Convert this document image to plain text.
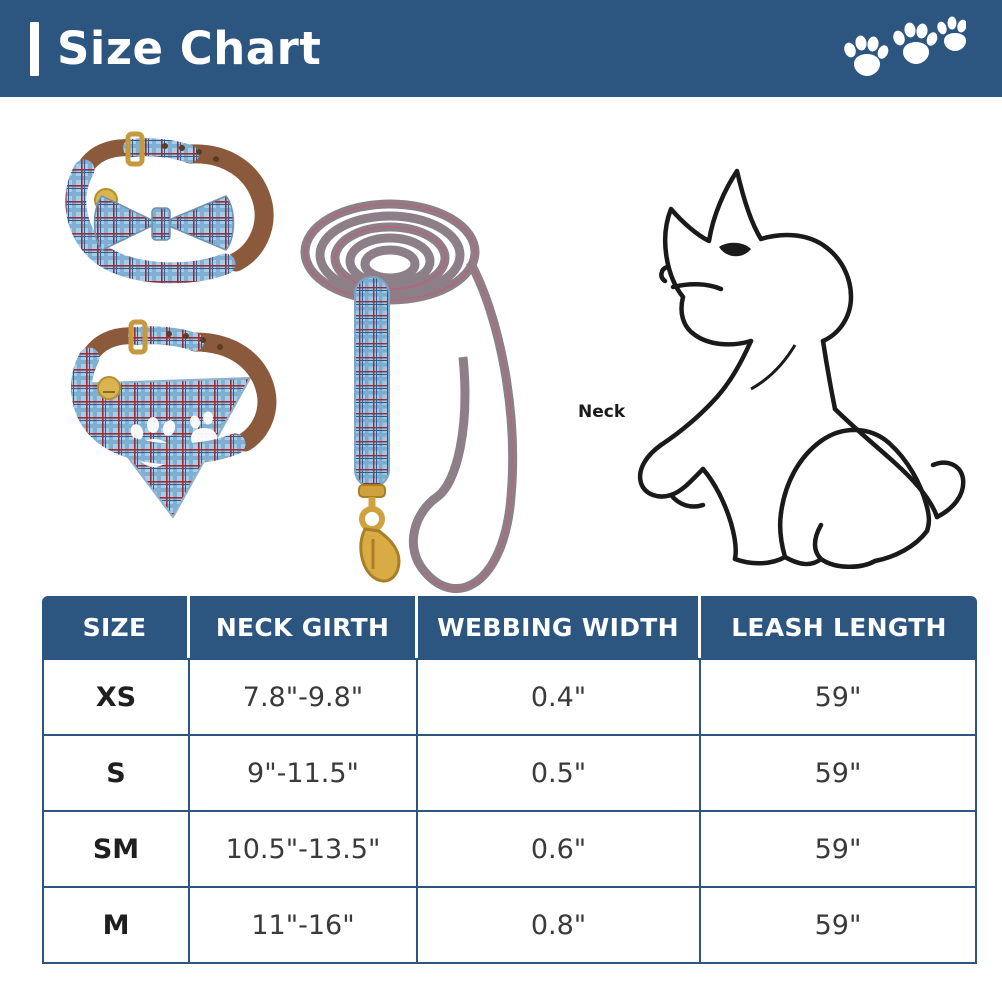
Size Chart
Neck
SIZE	NECK GIRTH	WEBBING WIDTH	LEASH LENGTH
XS	7.8"-9.8"	0.4"	59"
S	9"-11.5"	0.5"	59"
SM	10.5"-13.5"	0.6"	59"
M	11"-16"	0.8"	59"
